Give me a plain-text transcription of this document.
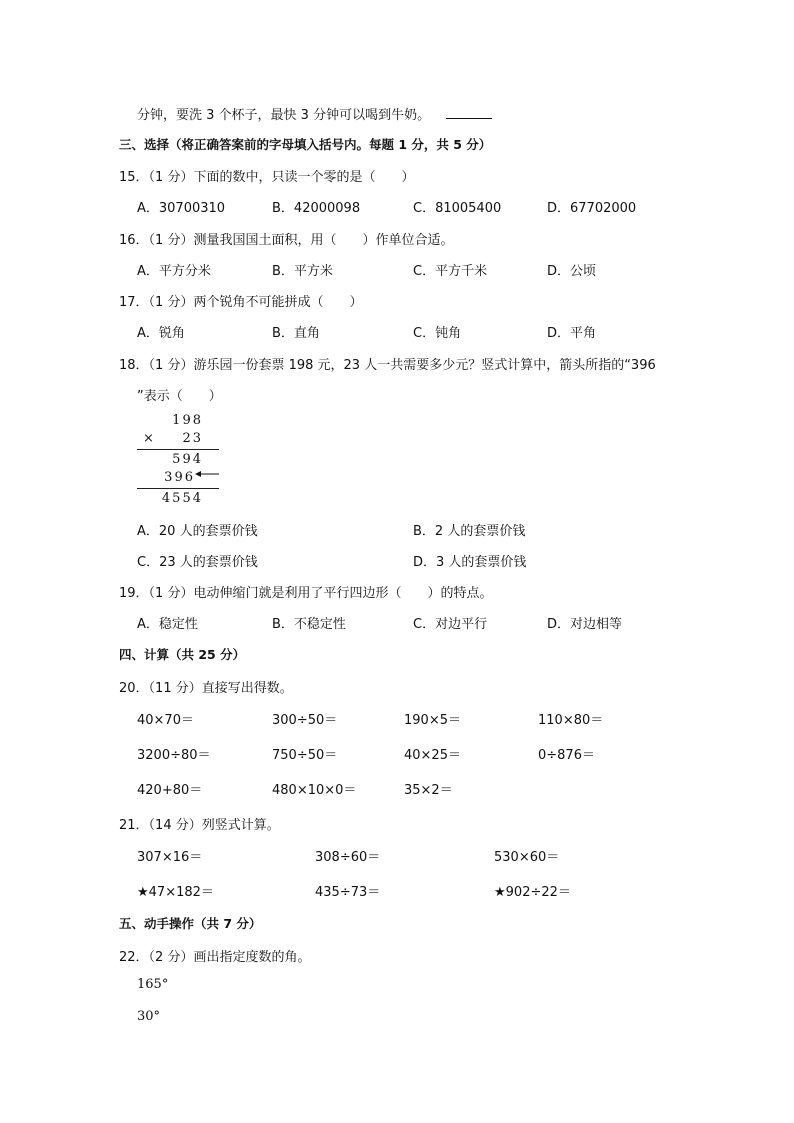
分钟，要洗 3 个杯子，最快 3 分钟可以喝到牛奶。
三、选择（将正确答案前的字母填入括号内。每题 1 分，共 5 分）
15．（1 分）下面的数中，只读一个零的是（　　）
A．30700310	B．42000098	C．81005400	D．67702000
16．（1 分）测量我国国土面积，用（　　）作单位合适。
A．平方分米	B．平方米	C．平方千米	D．公顷
17．（1 分）两个锐角不可能拼成（　　）
A．锐角	B．直角	C．钝角	D．平角
18．（1 分）游乐园一份套票 198 元，23 人一共需要多少元？竖式计算中，箭头所指的“396
”表示（　　）
198
× 23
594
396
4554
A．20 人的套票价钱	B．2 人的套票价钱
C．23 人的套票价钱	D．3 人的套票价钱
19．（1 分）电动伸缩门就是利用了平行四边形（　　）的特点。
A．稳定性	B．不稳定性	C．对边平行	D．对边相等
四、计算（共 25 分）
20．（11 分）直接写出得数。
40×70＝	300÷50＝	190×5＝	110×80＝
3200÷80＝	750÷50＝	40×25＝	0÷876＝
420+80＝	480×10×0＝	35×2＝
21．（14 分）列竖式计算。
307×16＝	308÷60＝	530×60＝
★47×182＝	435÷73＝	★902÷22＝
五、动手操作（共 7 分）
22．（2 分）画出指定度数的角。
165°
30°
